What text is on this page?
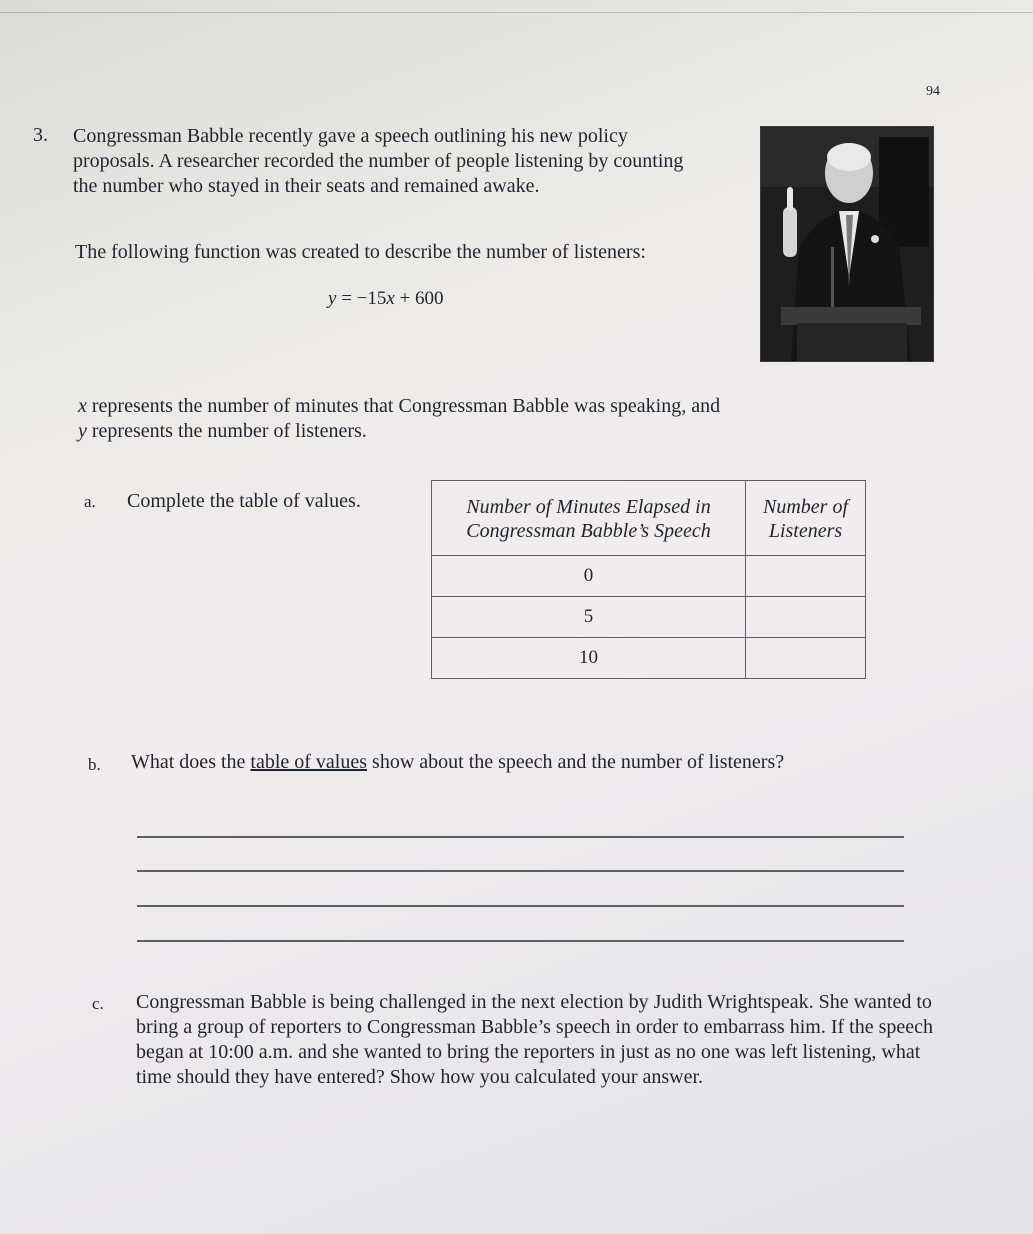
94
3. Congressman Babble recently gave a speech outlining his new policy proposals. A researcher recorded the number of people listening by counting the number who stayed in their seats and remained awake.
The following function was created to describe the number of listeners:
y = −15x + 600
x represents the number of minutes that Congressman Babble was speaking, and
y represents the number of listeners.
a. Complete the table of values.	Number of Minutes Elapsed in Congressman Babble’s Speech	Number of Listeners
0	
5	
10	
b. What does the table of values show about the speech and the number of listeners?
c. Congressman Babble is being challenged in the next election by Judith Wrightspeak. She wanted to bring a group of reporters to Congressman Babble’s speech in order to embarrass him. If the speech began at 10:00 a.m. and she wanted to bring the reporters in just as no one was left listening, what time should they have entered? Show how you calculated your answer.
